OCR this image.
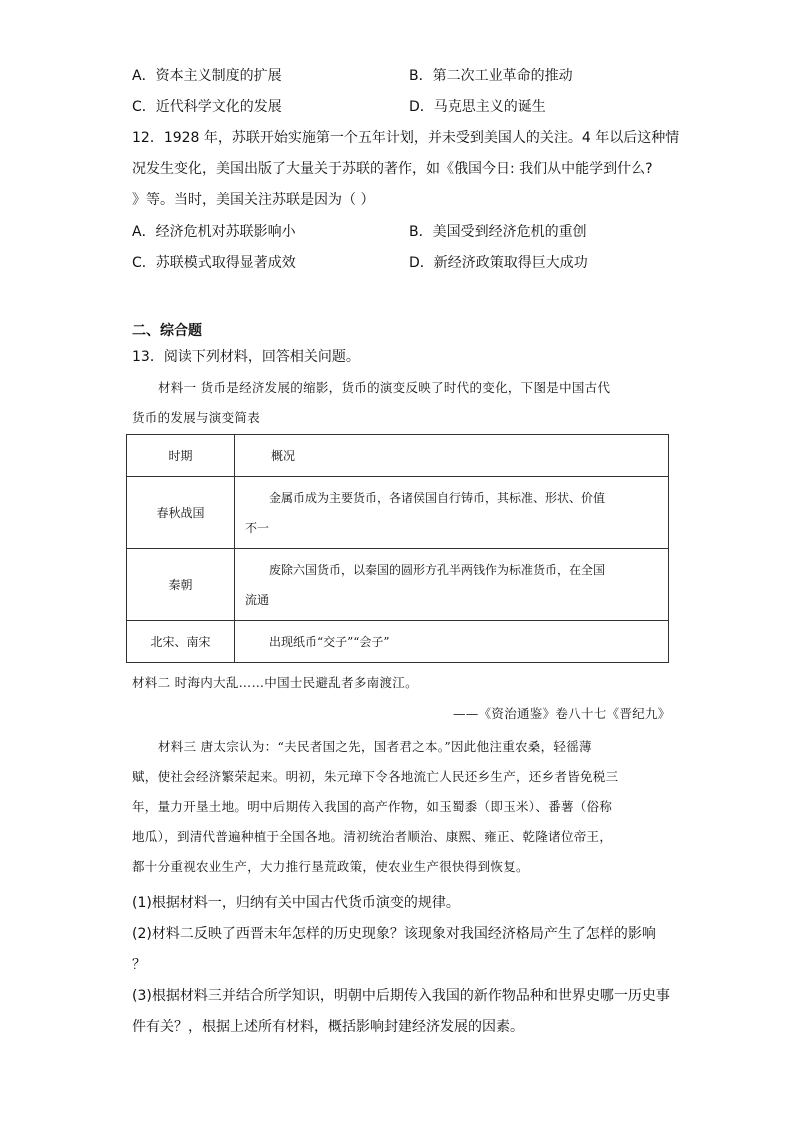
A．资本主义制度的扩展	B．第二次工业革命的推动
C．近代科学文化的发展	D．马克思主义的诞生
12．1928 年，苏联开始实施第一个五年计划，并未受到美国人的关注。4 年以后这种情
况发生变化，美国出版了大量关于苏联的著作，如《俄国今日: 我们从中能学到什么?
》等。当时，美国关注苏联是因为（ ）
A．经济危机对苏联影响小	B．美国受到经济危机的重创
C．苏联模式取得显著成效	D．新经济政策取得巨大成功
二、综合题
13．阅读下列材料，回答相关问题。
材料一 货币是经济发展的缩影，货币的演变反映了时代的变化，下图是中国古代
货币的发展与演变简表
时期	概况
春秋战国	金属币成为主要货币，各诸侯国自行铸币，其标准、形状、价值
不一

秦朝	废除六国货币，以秦国的圆形方孔半两钱作为标准货币，在全国
流通

北宋、南宋	出现纸币“交子”“会子”
材料二 时海内大乱……中国士民避乱者多南渡江。
——《资治通鉴》卷八十七《晋纪九》
材料三 唐太宗认为：“夫民者国之先，国者君之本。”因此他注重农桑，轻徭薄
赋，使社会经济繁荣起来。明初，朱元璋下令各地流亡人民还乡生产，还乡者皆免税三
年，量力开垦土地。明中后期传入我国的高产作物，如玉蜀黍（即玉米）、番薯（俗称
地瓜），到清代普遍种植于全国各地。清初统治者顺治、康熙、雍正、乾隆诸位帝王，
都十分重视农业生产，大力推行垦荒政策，使农业生产很快得到恢复。
(1)根据材料一，归纳有关中国古代货币演变的规律。
(2)材料二反映了西晋末年怎样的历史现象？该现象对我国经济格局产生了怎样的影响
？
(3)根据材料三并结合所学知识，明朝中后期传入我国的新作物品种和世界史哪一历史事
件有关？，根据上述所有材料，概括影响封建经济发展的因素。
